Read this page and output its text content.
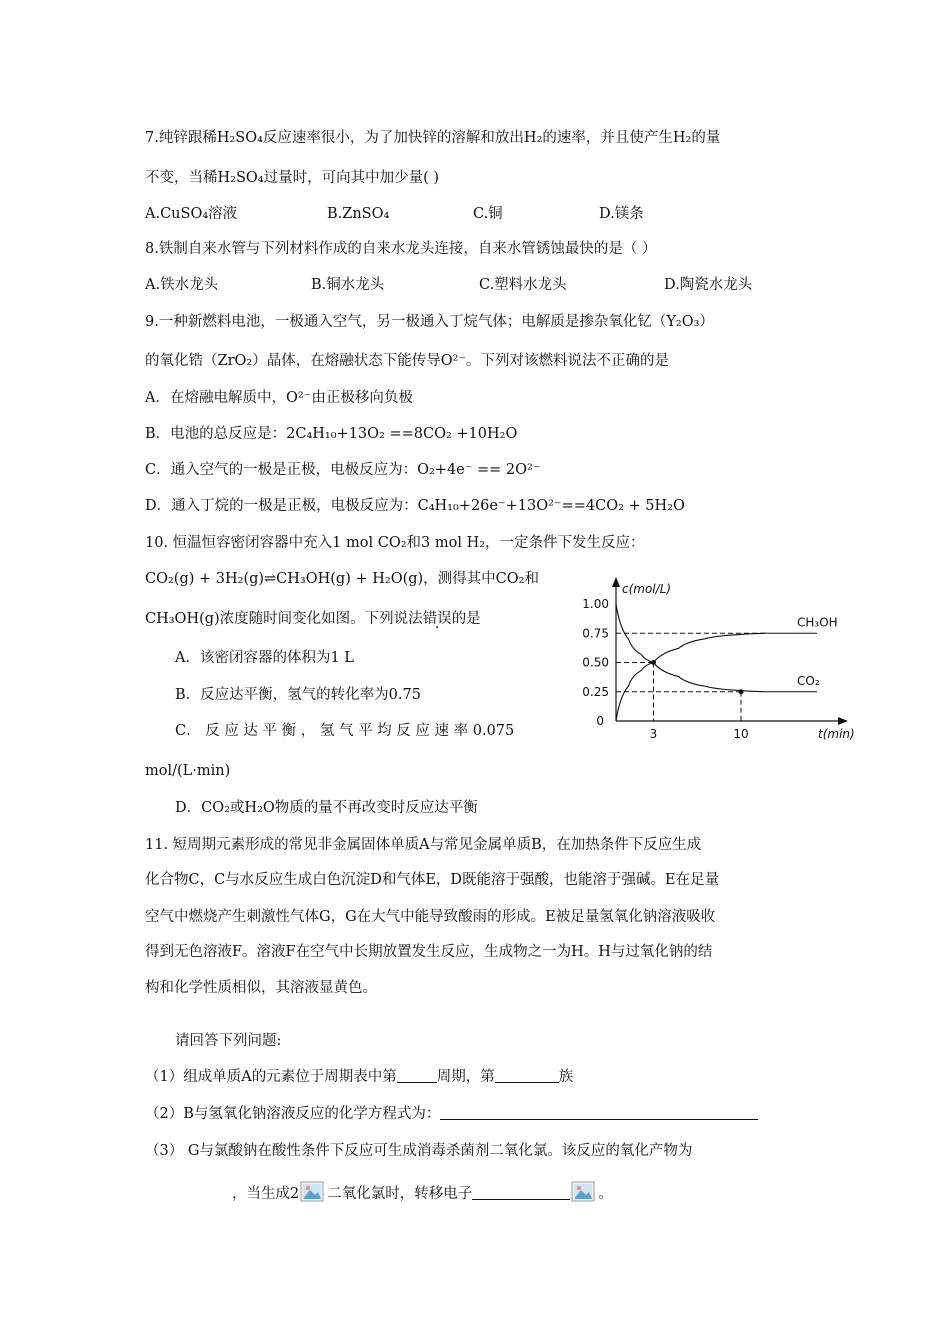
7.纯锌跟稀H₂SO₄反应速率很小，为了加快锌的溶解和放出H₂的速率，并且使产生H₂的量
不变，当稀H₂SO₄过量时，可向其中加少量( )
A.CuSO₄溶液	B.ZnSO₄	C.铜	D.镁条
8.铁制自来水管与下列材料作成的自来水龙头连接，自来水管锈蚀最快的是（ ）
A.铁水龙头	B.铜水龙头	C.塑料水龙头	D.陶瓷水龙头
9.一种新燃料电池，一极通入空气，另一极通入丁烷气体；电解质是掺杂氧化钇（Y₂O₃）
的氧化锆（ZrO₂）晶体，在熔融状态下能传导O²⁻。下列对该燃料说法不正确的是
A．在熔融电解质中，O²⁻由正极移向负极
B．电池的总反应是：2C₄H₁₀+13O₂ ==8CO₂ +10H₂O
C．通入空气的一极是正极，电极反应为：O₂+4e⁻ == 2O²⁻
D．通入丁烷的一极是正极，电极反应为：C₄H₁₀+26e⁻+13O²⁻==4CO₂ + 5H₂O
10. 恒温恒容密闭容器中充入1 mol CO₂和3 mol H₂，一定条件下发生反应：
CO₂(g) + 3H₂(g)⇌CH₃OH(g) + H₂O(g)，测得其中CO₂和
CH₃OH(g)浓度随时间变化如图。下列说法错误的是
A．该密闭容器的体积为1 L
B．反应达平衡，氢气的转化率为0.75
C． 反 应 达 平 衡 ， 氢 气 平 均 反 应 速 率 0.075
mol/(L·min)
D．CO₂或H₂O物质的量不再改变时反应达平衡
1.00
0.75
0.50
0.25
0
3	10
c(mol/L)
t(min)
CH₃OH
CO₂
11. 短周期元素形成的常见非金属固体单质A与常见金属单质B，在加热条件下反应生成
化合物C，C与水反应生成白色沉淀D和气体E，D既能溶于强酸，也能溶于强碱。E在足量
空气中燃烧产生刺激性气体G，G在大气中能导致酸雨的形成。E被足量氢氧化钠溶液吸收
得到无色溶液F。溶液F在空气中长期放置发生反应，生成物之一为H。H与过氧化钠的结
构和化学性质相似，其溶液显黄色。
请回答下列问题:
（1）组成单质A的元素位于周期表中第	周期，第	族
（2）B与氢氧化钠溶液反应的化学方程式为：
（3） G与氯酸钠在酸性条件下反应可生成消毒杀菌剂二氧化氯。该反应的氧化产物为
，当生成2 二氧化氯时，转移电子	。
